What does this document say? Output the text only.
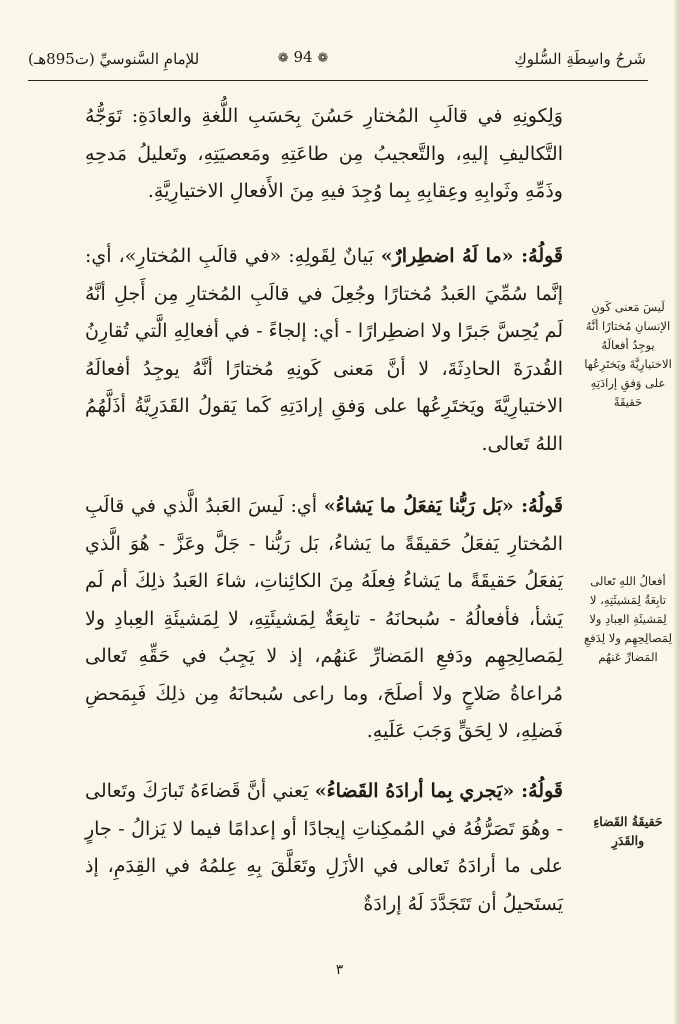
شَرحُ واسِطَةِ السُّلوكِ
❁ 94 ❁
للإمامِ السَّنوسيِّ (ت895هـ)

وَلِكونِهِ في قالَبِ المُختارِ حَسُنَ بِحَسَبِ اللُّغةِ والعادَةِ: تَوَجُّهُ التَّكاليفِ إليهِ، والتَّعجيبُ مِن طاعَتِهِ ومَعصيَتِهِ، وتَعليلُ مَدحِهِ وذَمِّهِ وثَوابِهِ وعِقابِهِ بِما وُجِدَ فيهِ مِنَ الأَفعالِ الاختيارِيَّةِ.

قَولُهُ: «ما لَهُ اضطِرارٌ» بَيانٌ لِقَولِهِ: «في قالَبِ المُختارِ»، أي: إنَّما سُمِّيَ العَبدُ مُختارًا وجُعِلَ في قالَبِ المُختارِ مِن أَجلِ أنَّهُ لَم يُحِسَّ جَبرًا ولا اضطِرارًا - أي: إلجاءً - في أفعالِهِ الَّتي تُقارِنُ القُدرَةَ الحادِثَةَ، لا أنَّ مَعنى كَونِهِ مُختارًا أنَّهُ يوجِدُ أفعالَهُ الاختيارِيَّةَ ويَختَرِعُها على وَفقِ إرادَتِهِ كَما يَقولُ القَدَرِيَّةُ أذَلَّهُمُ اللهُ تَعالى.

قَولُهُ: «بَل رَبُّنا يَفعَلُ ما يَشاءُ» أي: لَيسَ العَبدُ الَّذي في قالَبِ المُختارِ يَفعَلُ حَقيقَةً ما يَشاءُ، بَل رَبُّنا - جَلَّ وعَزَّ - هُوَ الَّذي يَفعَلُ حَقيقَةً ما يَشاءُ فِعلَهُ مِنَ الكائِناتِ، شاءَ العَبدُ ذلِكَ أم لَم يَشأ، فأفعالُهُ - سُبحانَهُ - تابِعَةٌ لِمَشيئَتِهِ، لا لِمَشيئَةِ العِبادِ ولا لِمَصالِحِهِم ودَفعِ المَضارِّ عَنهُم، إذ لا يَجِبُ في حَقِّهِ تَعالى مُراعاةُ صَلاحٍ ولا أصلَحَ، وما راعى سُبحانَهُ مِن ذلِكَ فَبِمَحضِ فَضلِهِ، لا لِحَقٍّ وَجَبَ عَلَيهِ.

قَولُهُ: «يَجري بِما أرادَهُ القَضاءُ» يَعني أنَّ قَضاءَهُ تَبارَكَ وتَعالى - وهُوَ تَصَرُّفُهُ في المُمكِناتِ إيجادًا أو إعدامًا فيما لا يَزالُ - جارٍ على ما أرادَهُ تَعالى في الأزَلِ وتَعَلَّقَ بِهِ عِلمُهُ في القِدَمِ، إذ يَستَحيلُ أن تَتَجَدَّدَ لَهُ إرادَةٌ

لَيسَ مَعنى كَونِ الإنسانِ مُختارًا أنَّهُ يوجِدُ أفعالَهُ الاختيارِيَّةَ ويَختَرِعُها على وَفقِ إرادَتِهِ حَقيقَةً
أفعالُ اللهِ تَعالى تابِعَةٌ لِمَشيئَتِهِ، لا لِمَشيئَةِ العِبادِ ولا لِمَصالِحِهِم ولا لِدَفعِ المَضارِّ عَنهُم
حَقيقَةُ القَضاءِ والقَدَرِ
٣
